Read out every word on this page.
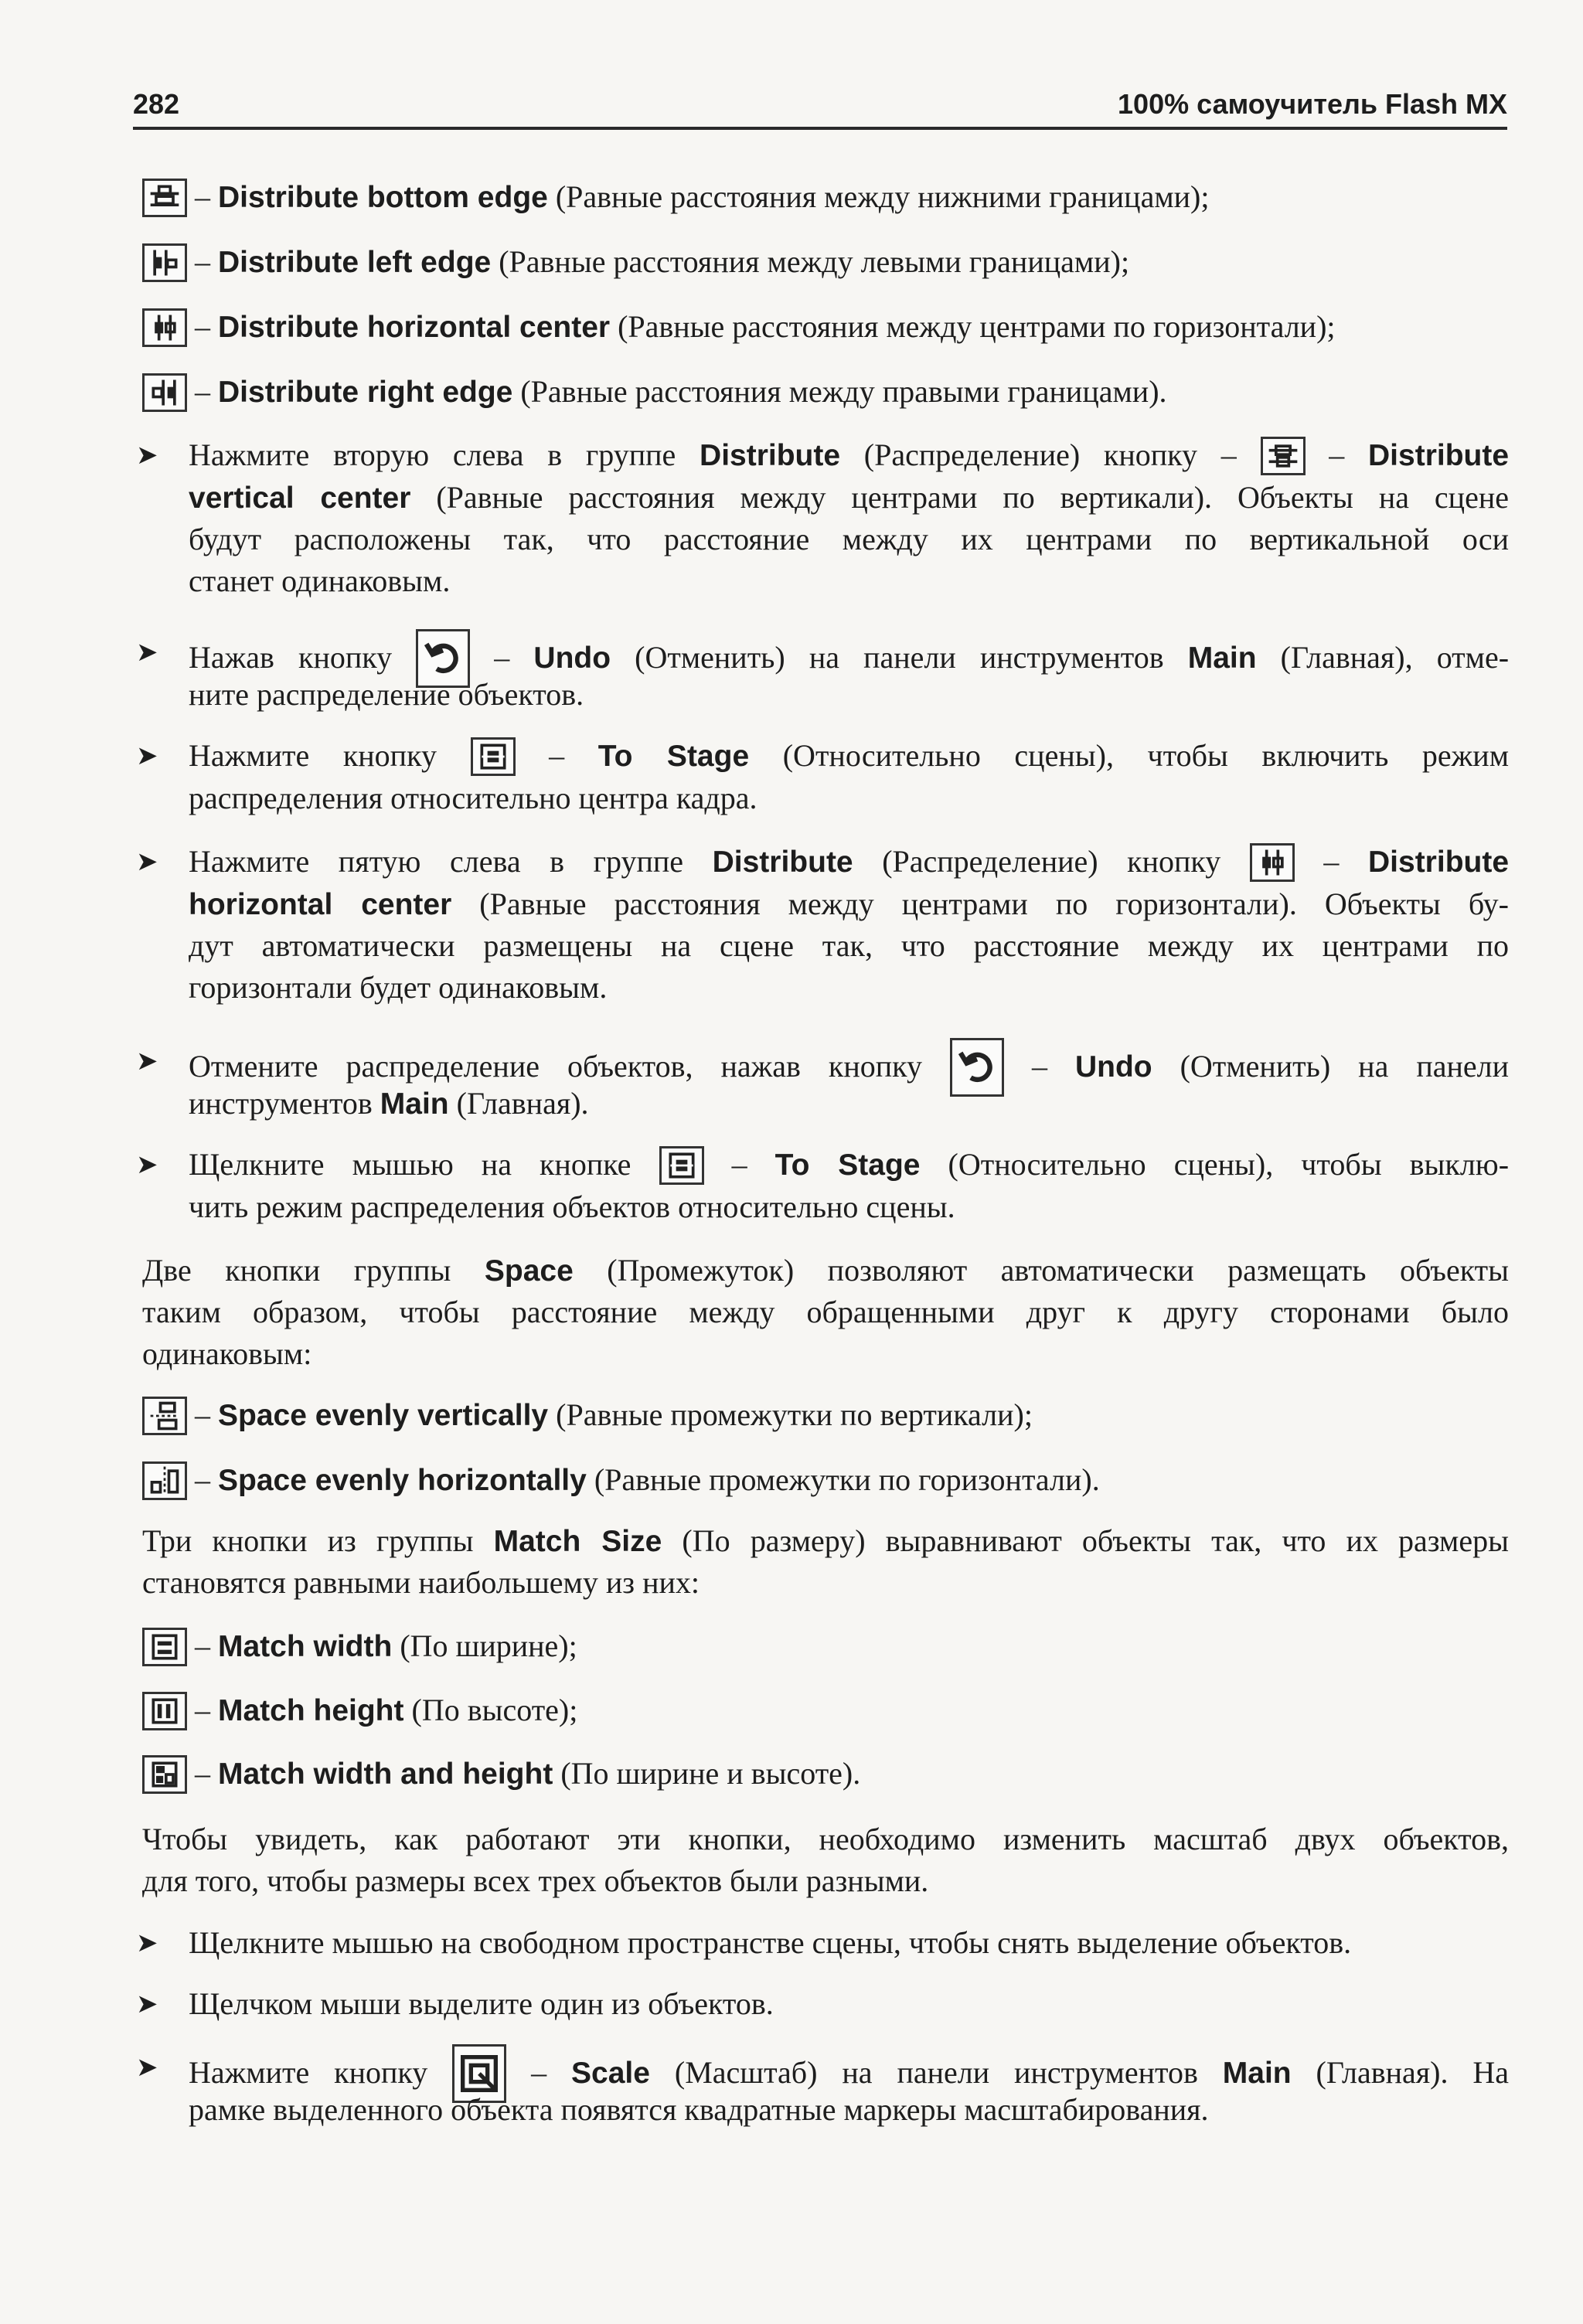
282	100% самоучитель Flash MX

– Distribute bottom edge (Равные расстояния между нижними границами);

– Distribute left edge (Равные расстояния между левыми границами);

– Distribute horizontal center (Равные расстояния между центрами по горизонтали);

– Distribute right edge (Равные расстояния между правыми границами).

➤ Нажмите вторую слева в группе Distribute (Распределение) кнопку –
– Distribute

vertical center (Равные расстояния между центрами по вертикали). Объекты на сцене

будут расположены так, что расстояние между их центрами по вертикальной оси

станет одинаковым.

➤ Нажав кнопку
– Undo (Отменить) на панели инструментов Main (Главная), отме-

ните распределение объектов.

➤ Нажмите кнопку
– To Stage (Относительно сцены), чтобы включить режим

распределения относительно центра кадра.

➤ Нажмите пятую слева в группе Distribute (Распределение) кнопку
– Distribute

horizontal center (Равные расстояния между центрами по горизонтали). Объекты бу-

дут автоматически размещены на сцене так, что расстояние между их центрами по

горизонтали будет одинаковым.

➤ Отмените распределение объектов, нажав кнопку
– Undo (Отменить) на панели

инструментов Main (Главная).

➤ Щелкните мышью на кнопке
– To Stage (Относительно сцены), чтобы выклю-

чить режим распределения объектов относительно сцены.

Две кнопки группы Space (Промежуток) позволяют автоматически размещать объекты

таким образом, чтобы расстояние между обращенными друг к другу сторонами было

одинаковым:

– Space evenly vertically (Равные промежутки по вертикали);

– Space evenly horizontally (Равные промежутки по горизонтали).

Три кнопки из группы Match Size (По размеру) выравнивают объекты так, что их размеры

становятся равными наибольшему из них:

– Match width (По ширине);

– Match height (По высоте);

– Match width and height (По ширине и высоте).

Чтобы увидеть, как работают эти кнопки, необходимо изменить масштаб двух объектов,

для того, чтобы размеры всех трех объектов были разными.

➤ Щелкните мышью на свободном пространстве сцены, чтобы снять выделение объектов.

➤ Щелчком мыши выделите один из объектов.

➤ Нажмите кнопку
– Scale (Масштаб) на панели инструментов Main (Главная). На

рамке выделенного объекта появятся квадратные маркеры масштабирования.
